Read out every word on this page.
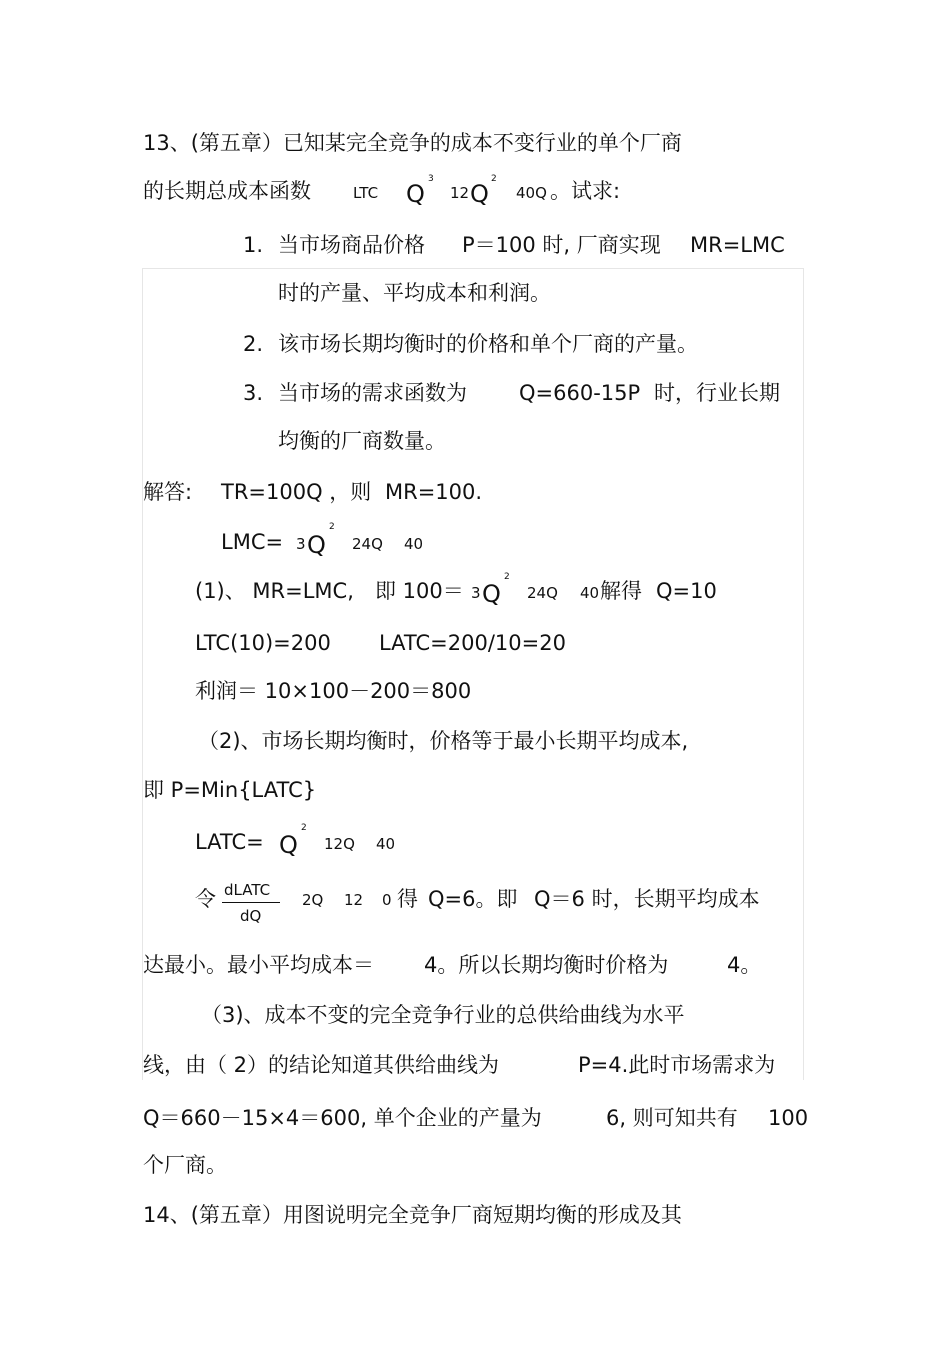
13、(第五章）已知某完全竞争的成本不变行业的单个厂商
的长期总成本函数	LTC Q
3
12 Q
2
40Q 。试求:
1. 当市场商品价格 P＝100 时, 厂商实现 MR=LMC
时的产量、平均成本和利润。
2. 该市场长期均衡时的价格和单个厂商的产量。
3. 当市场的需求函数为 Q=660-15P 时，行业长期
均衡的厂商数量。
解答: TR=100Q ，则 MR=100.
LMC= 3 Q
2
24Q 40
(1)、 MR=LMC, 即 100＝ 3 Q
2
24Q 40 解得 Q=10
LTC(10)=200 LATC=200/10=20
利润＝ 10×100－200＝800
（2)、市场长期均衡时，价格等于最小长期平均成本,
即 P=Min{LATC}
LATC= Q
2
12Q 40
令 dLATC
dQ
2Q 12 0 得 Q=6。即 Q＝6 时，长期平均成本
达最小。最小平均成本＝ 4。所以长期均衡时价格为	4。
（3)、成本不变的完全竞争行业的总供给曲线为水平
线，由（ 2）的结论知道其供给曲线为	P=4.此时市场需求为
Q＝660－15×4＝600, 单个企业的产量为	6, 则可知共有 100
个厂商。
14、(第五章）用图说明完全竞争厂商短期均衡的形成及其
